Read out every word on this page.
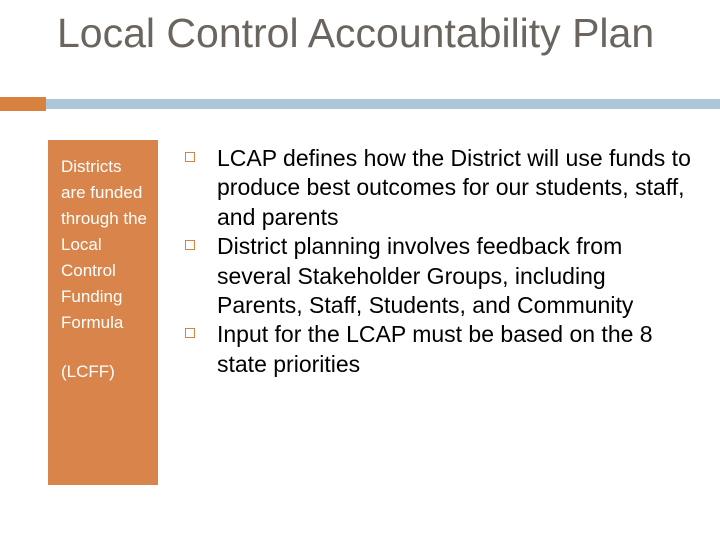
Local Control Accountability Plan

Districts are funded through the Local Control Funding Formula

(LCFF)

LCAP defines how the District will use funds to produce best outcomes for our students, staff, and parents
District planning involves feedback from several Stakeholder Groups, including Parents, Staff, Students, and Community
Input for the LCAP must be based on the 8 state priorities
